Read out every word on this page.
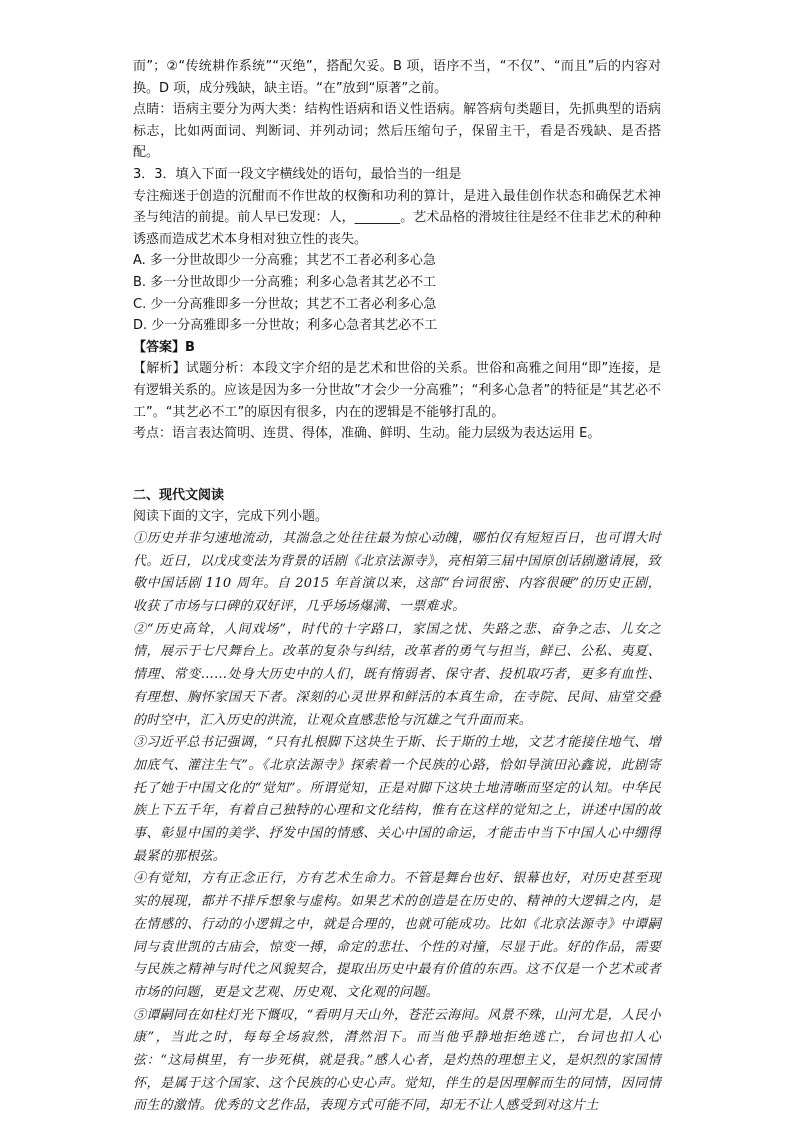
而”；②“传统耕作系统”“灭绝”，搭配欠妥。B 项，语序不当，“不仅”、“而且”后的内容对换。D 项，成分残缺，缺主语。“在”放到“原著”之前。

点睛：语病主要分为两大类：结构性语病和语义性语病。解答病句类题目，先抓典型的语病标志，比如两面词、判断词、并列动词；然后压缩句子，保留主干，看是否残缺、是否搭配。

3．3．填入下面一段文字横线处的语句，最恰当的一组是

专注痴迷于创造的沉酣而不作世故的权衡和功利的算计，是进入最佳创作状态和确保艺术神圣与纯洁的前提。前人早已发现：人，_______。艺术品格的滑坡往往是经不住非艺术的种种诱惑而造成艺术本身相对独立性的丧失。

A. 多一分世故即少一分高雅；其艺不工者必利多心急

B. 多一分世故即少一分高雅；利多心急者其艺必不工

C. 少一分高雅即多一分世故；其艺不工者必利多心急

D. 少一分高雅即多一分世故；利多心急者其艺必不工

【答案】B

【解析】试题分析：本段文字介绍的是艺术和世俗的关系。世俗和高雅之间用“即”连接，是有逻辑关系的。应该是因为多一分世故”才会少一分高雅”；“利多心急者”的特征是“其艺必不工”。“其艺必不工”的原因有很多，内在的逻辑是不能够打乱的。

考点：语言表达简明、连贯、得体，准确、鲜明、生动。能力层级为表达运用 E。

二、现代文阅读

阅读下面的文字，完成下列小题。

①历史并非匀速地流动，其湍急之处往往最为惊心动魄，哪怕仅有短短百日，也可谓大时代。近日，以戊戌变法为背景的话剧《北京法源寺》，亮相第三届中国原创话剧邀请展，致敬中国话剧 110 周年。自 2015 年首演以来，这部“台词很密、内容很硬”的历史正剧，收获了市场与口碑的双好评，几乎场场爆满、一票难求。

②“历史高耸，人间戏场”，时代的十字路口，家国之忧、失路之悲、奋争之志、儿女之情，展示于七尺舞台上。改革的复杂与纠结，改革者的勇气与担当，鲜已、公私、夷夏、情理、常变……处身大历史中的人们，既有惰弱者、保守者、投机取巧者，更多有血性、有理想、胸怀家国天下者。深刻的心灵世界和鲜活的本真生命，在寺院、民间、庙堂交叠的时空中，汇入历史的洪流，让观众直感悲怆与沉雄之气升面而来。

③习近平总书记强调，“只有扎根脚下这块生于斯、长于斯的土地，文艺才能接住地气、增加底气、灌注生气”。《北京法源寺》探索着一个民族的心路，恰如导演田沁鑫说，此剧寄托了她于中国文化的“觉知”。所谓觉知，正是对脚下这块土地清晰而坚定的认知。中华民族上下五千年，有着自己独特的心理和文化结构，惟有在这样的觉知之上，讲述中国的故事、彰显中国的美学、抒发中国的情感、关心中国的命运，才能击中当下中国人心中绷得最紧的那根弦。

④有觉知，方有正念正行，方有艺术生命力。不管是舞台也好、银幕也好，对历史甚至现实的展现，都并不排斥想象与虚构。如果艺术的创造是在历史的、精神的大逻辑之内，是在情感的、行动的小逻辑之中，就是合理的，也就可能成功。比如《北京法源寺》中谭嗣同与袁世凯的古庙会，惊变一搏，命定的悲壮、个性的对撞，尽显于此。好的作品，需要与民族之精神与时代之风貌契合，提取出历史中最有价值的东西。这不仅是一个艺术或者市场的问题，更是文艺观、历史观、文化观的问题。

⑤谭嗣同在如柱灯光下慨叹，“看明月天山外，苍茫云海间。风景不殊，山河尤是，人民小康”，当此之时，每每全场寂然，潸然泪下。而当他乎静地拒绝逃亡，台词也扣人心弦：“这局棋里，有一步死棋，就是我。”感人心者，是灼热的理想主义，是炽烈的家国情怀，是属于这个国家、这个民族的心史心声。觉知，伴生的是因理解而生的同情，因同情而生的激情。优秀的文艺作品，表现方式可能不同，却无不让人感受到对这片土
